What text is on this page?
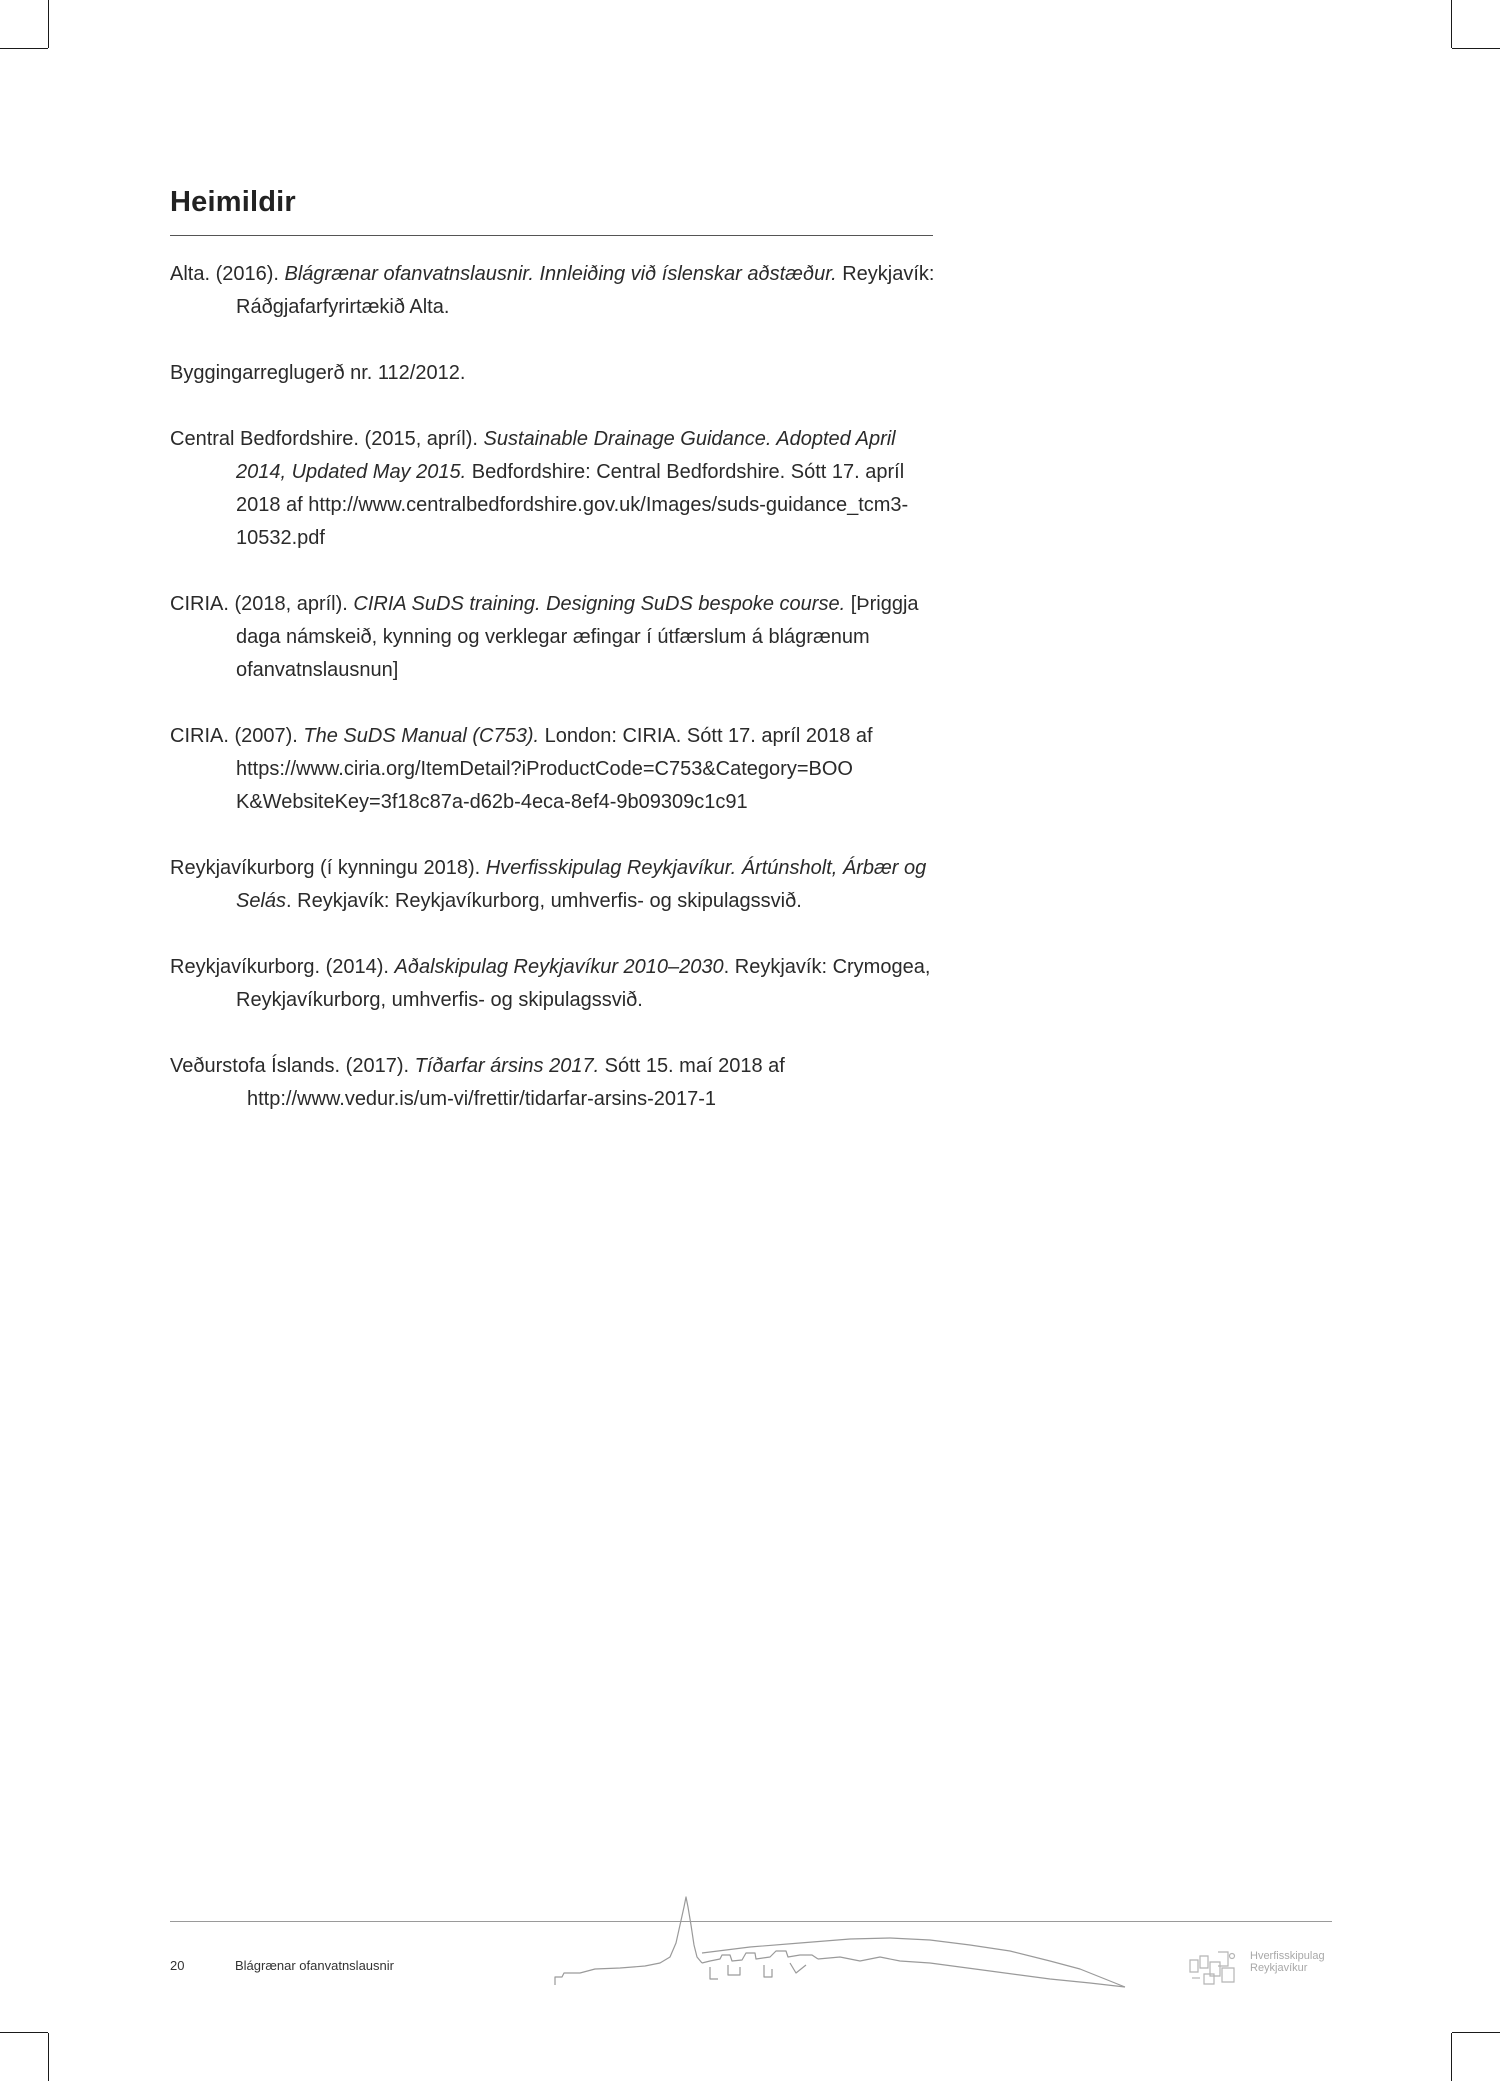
Heimildir

Alta. (2016). Blágrænar ofanvatnslausnir. Innleiðing við íslenskar aðstæður. Reykjavík: Ráðgjafarfyrirtækið Alta.

Byggingarreglugerð nr. 112/2012.

Central Bedfordshire. (2015, apríl). Sustainable Drainage Guidance. Adopted April 2014, Updated May 2015. Bedfordshire: Central Bedfordshire. Sótt 17. apríl 2018 af http://www.centralbedfordshire.gov.uk/Images/suds-guidance_tcm3-10532.pdf

CIRIA. (2018, apríl). CIRIA SuDS training. Designing SuDS bespoke course. [Þriggja daga námskeið, kynning og verklegar æfingar í útfærslum á blágrænum ofanvatnslausnun]

CIRIA. (2007). The SuDS Manual (C753). London: CIRIA. Sótt 17. apríl 2018 af https://www.ciria.org/ItemDetail?iProductCode=C753&Category=BOO K&WebsiteKey=3f18c87a-d62b-4eca-8ef4-9b09309c1c91

Reykjavíkurborg (í kynningu 2018). Hverfisskipulag Reykjavíkur. Ártúnsholt, Árbær og Selás. Reykjavík: Reykjavíkurborg, umhverfis- og skipulagssvið.

Reykjavíkurborg. (2014). Aðalskipulag Reykjavíkur 2010–2030. Reykjavík: Crymogea, Reykjavíkurborg, umhverfis- og skipulagssvið.

Veðurstofa Íslands. (2017). Tíðarfar ársins 2017. Sótt 15. maí 2018 af http://www.vedur.is/um-vi/frettir/tidarfar-arsins-2017-1

20	Blágrænar ofanvatnslausnir
Hverfisskipulag
Reykjavíkur
